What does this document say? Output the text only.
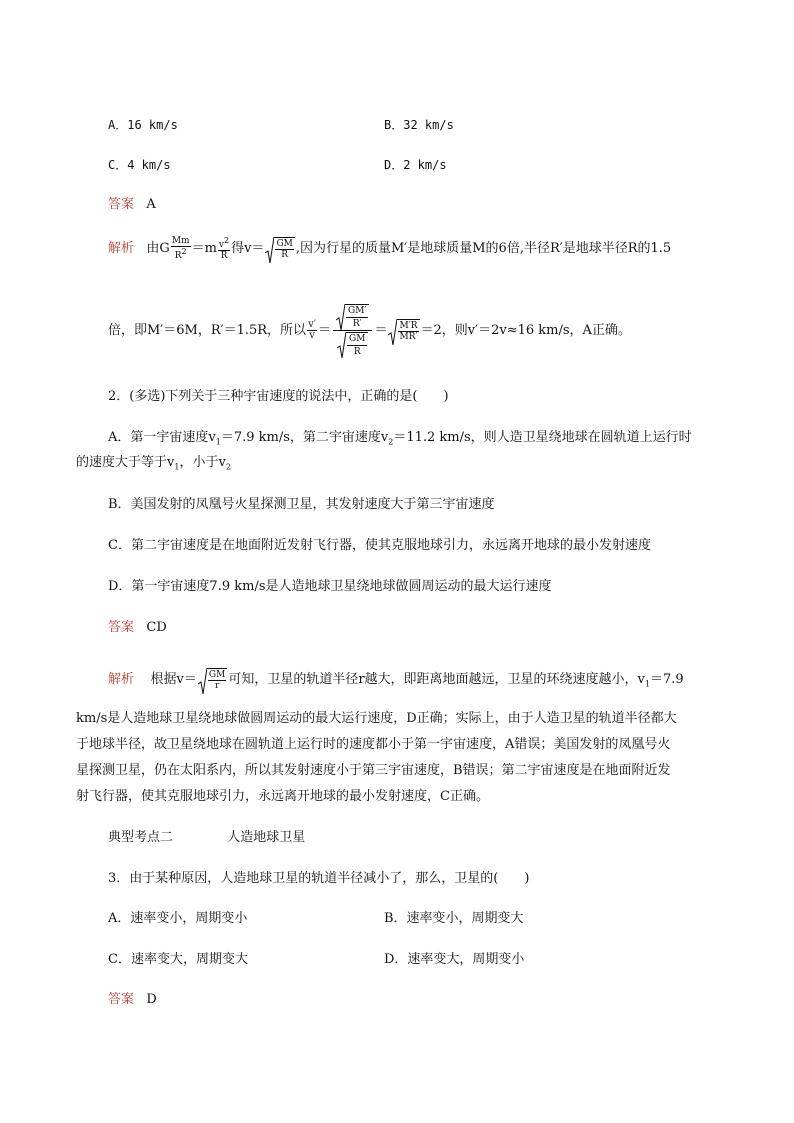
A．16 km/s	B．32 km/s
C．4 km/s	D．2 km/s
答案 A
解析 由G $\frac{Mm}{R^2} =m \frac{v^2}{R}$ 得$v= \frac{GM}{R}$ ,因为行星的质量M′是地球质量M的6倍,半径R′是地球半径R的1.5
倍，即M′＝6M，R′＝1.5R，所以 $\frac{v'}{v} = \frac{\frac{GM'}{R'}}{\frac{GM}{R}} = \frac{M'R}{MR'} =2$，则v′＝2v≈16 km/s，A正确。
2．(多选)下列关于三种宇宙速度的说法中，正确的是(　　)
A．第一宇宙速度$v_1=7.9$ km/s，第二宇宙速度$v_2=11.2$ km/s，则人造卫星绕地球在圆轨道上运行时
的速度大于等于$v_1$，小于$v_2$
B．美国发射的凤凰号火星探测卫星，其发射速度大于第三宇宙速度
C．第二宇宙速度是在地面附近发射飞行器，使其克服地球引力，永远离开地球的最小发射速度
D．第一宇宙速度7.9 km/s是人造地球卫星绕地球做圆周运动的最大运行速度
答案 CD
解析 根据$v= \frac{GM}{r}$ 可知，卫星的轨道半径r越大，即距离地面越远，卫星的环绕速度越小，$v_1=7.9$
km/s是人造地球卫星绕地球做圆周运动的最大运行速度，D正确；实际上，由于人造卫星的轨道半径都大
于地球半径，故卫星绕地球在圆轨道上运行时的速度都小于第一宇宙速度，A错误；美国发射的凤凰号火
星探测卫星，仍在太阳系内，所以其发射速度小于第三宇宙速度，B错误；第二宇宙速度是在地面附近发
射飞行器，使其克服地球引力，永远离开地球的最小发射速度，C正确。
典型考点二	人造地球卫星
3．由于某种原因，人造地球卫星的轨道半径减小了，那么，卫星的(　　)
A．速率变小，周期变小	B．速率变小，周期变大
C．速率变大，周期变大	D．速率变大，周期变小
答案 D
